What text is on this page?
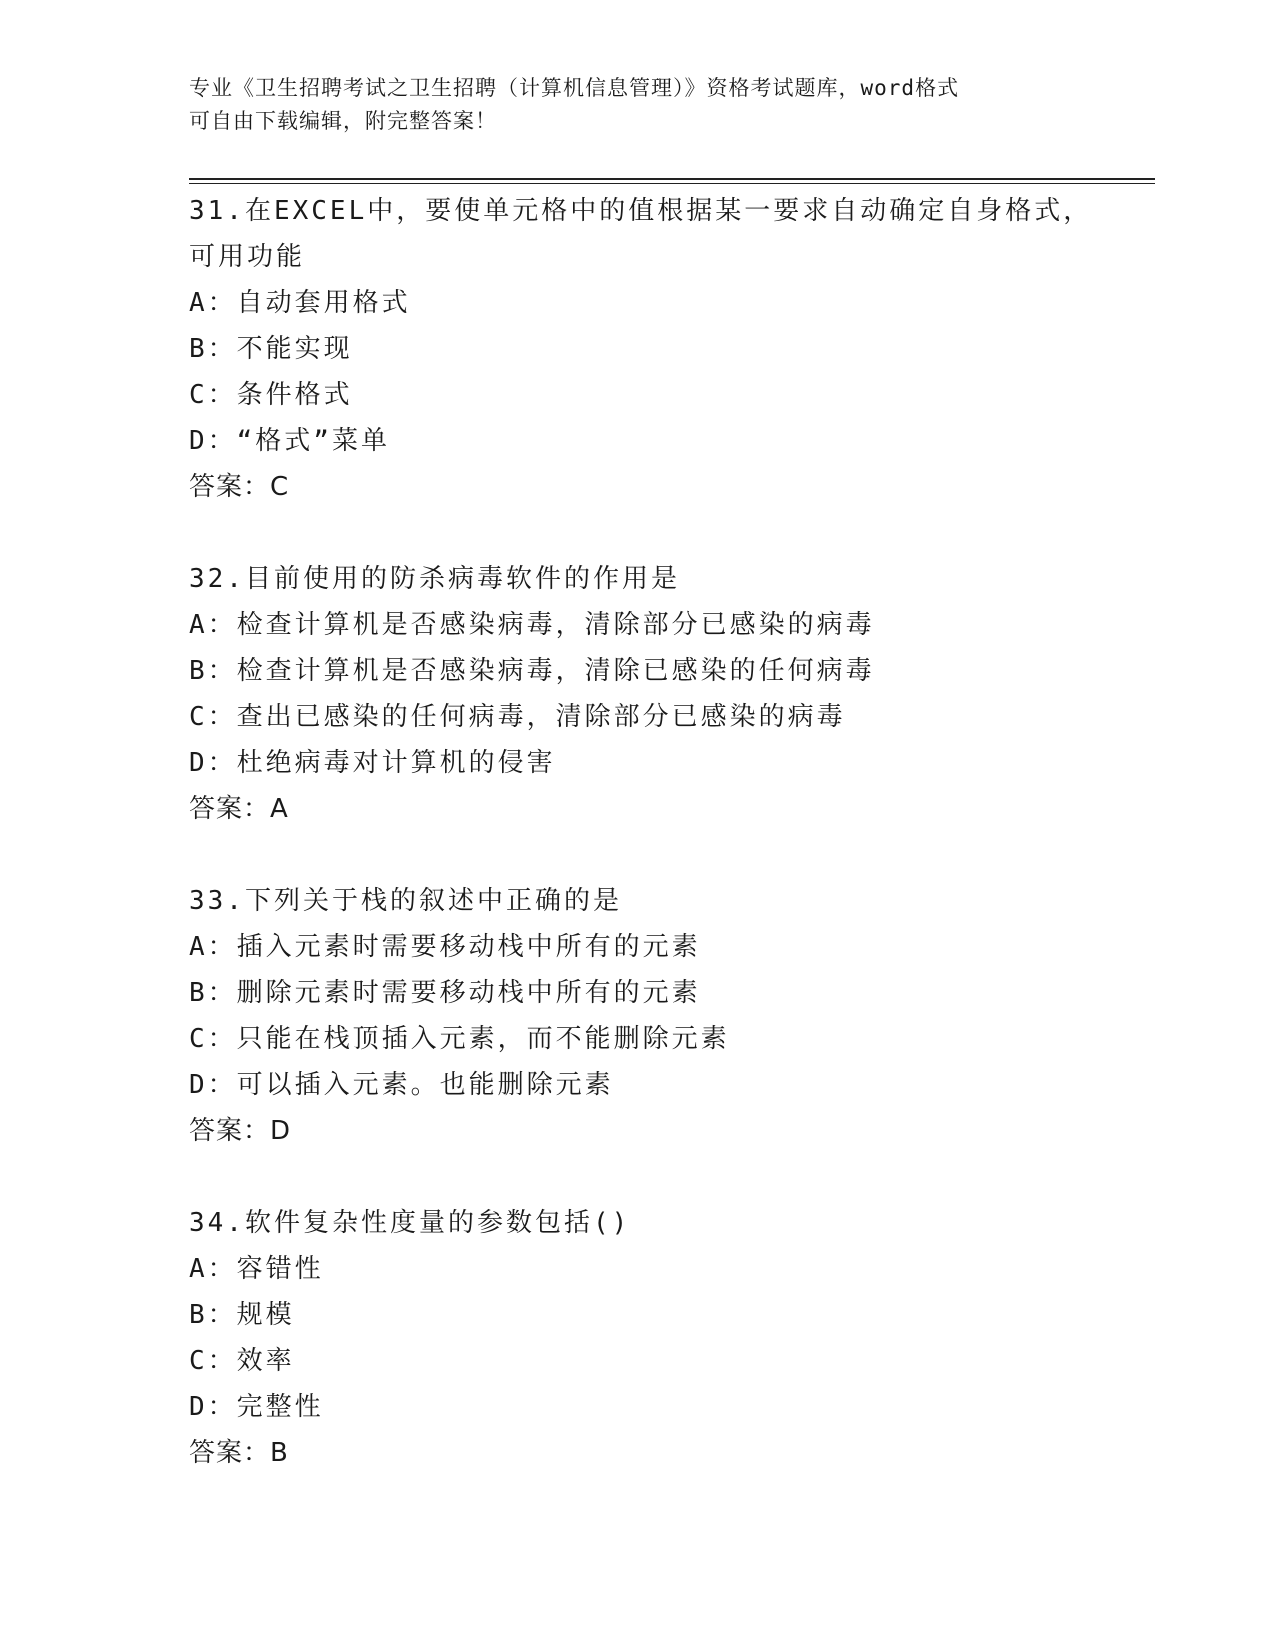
专业《卫生招聘考试之卫生招聘（计算机信息管理）》资格考试题库，word格式
可自由下载编辑，附完整答案！
31.在EXCEL中，要使单元格中的值根据某一要求自动确定自身格式，
可用功能
A：自动套用格式
B：不能实现
C：条件格式
D：“格式”菜单
答案：C
32.目前使用的防杀病毒软件的作用是
A：检查计算机是否感染病毒，清除部分已感染的病毒
B：检查计算机是否感染病毒，清除已感染的任何病毒
C：查出已感染的任何病毒，清除部分已感染的病毒
D：杜绝病毒对计算机的侵害
答案：A
33.下列关于栈的叙述中正确的是
A：插入元素时需要移动栈中所有的元素
B：删除元素时需要移动栈中所有的元素
C：只能在栈顶插入元素，而不能删除元素
D：可以插入元素。也能删除元素
答案：D
34.软件复杂性度量的参数包括()
A：容错性
B：规模
C：效率
D：完整性
答案：B
